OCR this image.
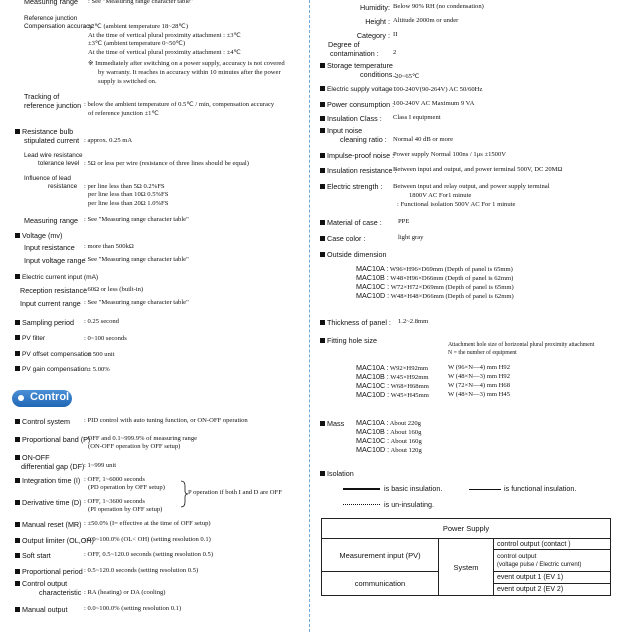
Measuring range : See "Measuring range character table"
Reference junction
Compensation accuracy
: ±2℃ (ambient temperature 18~28℃)
At the time of vertical plural proximity attachment : ±3℃
±3℃ (ambient temperature 0~50℃)
At the time of vertical plural proximity attachment : ±4℃
※ Immediately after switching on a power supply, accuracy is not covered
by warranty. It reaches in accuracy within 10 minutes after the power
supply is switched on.
Tracking of
reference junction : below the ambient temperature of 0.5℃ / min, compensation accuracy
of reference junction ±1℃
Resistance bulb
stipulated current : approx. 0.25 mA
Lead wire resistance
tolerance level : 5Ω or less per wire (resistance of three lines should be equal)
Influence of lead
resistance : per line less than 5Ω 0.2%FS
per line less than 10Ω 0.5%FS
per line less than 20Ω 1.0%FS
Measuring range : See "Measuring range character table"
Voltage (mv)
Input resistance : more than 500kΩ
Input voltage range
: See "Measuring range character table"
Electric current input (mA)
Reception resistance
: 60Ω or less (built-in)
Input current range : See "Measuring range character table"
Sampling period : 0.25 second
PV filter	: 0~100 seconds
PV offset compensation
: ± 500 unit
PV gain compensation
: ± 5.00%
Control
Control system : PID control with auto tuning function, or ON-OFF operation
Proportional band (P)
: OFF and 0.1~999.9% of measuring range
(ON-OFF operation by OFF setup)
ON-OFF
differential gap (DF) : 1~999 unit
Integration time (I) : OFF, 1~6000 seconds
(PD operation by OFF setup)
P operation if both I and D are OFF
Derivative time (D) : OFF, 1~3600 seconds
(PI operation by OFF setup)
Manual reset (MR) : ±50.0% (I= effective at the time of OFF setup)
Output limiter (OL,OH)
: 0.0~100.0% (OL< OH) (setting resolution 0.1)
Soft start	: OFF, 0.5~120.0 seconds (setting resolution 0.5)
Proportional period : 0.5~120.0 seconds (setting resolution 0.5)
Control output
characteristic : RA (heating) or DA (cooling)
Manual output : 0.0~100.0% (setting resolution 0.1)
Humidity: Below 90% RH (no condensation)
Height : Altitude 2000m or under
Category : II
Degree of
contamination : 2
Storage temperature
conditions :
-20~65℃
Electric supply voltage :
100-240V(90-264V) AC 50/60Hz
Power consumption :
100-240V AC Maximum 9 VA
Insulation Class : Class I equipment
Input noise
cleaning ratio : Normal 40 dB or more
Impulse-proof noise :
Power supply Normal 100ns / 1μs ±1500V
Insulation resistance :
Between input and output, and power terminal 500V, DC 20MΩ
Electric strength : Between input and relay output, and power supply terminal
1800V AC For1 minute
: Functional isolation 500V AC For 1 minute
Material of case : PPE
Case color :	light gray
Outside dimension
MAC10A : W96×H96×D69mm (Depth of panel is 65mm)
MAC10B : W48×H96×D66mm (Depth of panel is 62mm)
MAC10C : W72×H72×D69mm (Depth of panel is 65mm)
MAC10D : W48×H48×D66mm (Depth of panel is 62mm)
Thickness of panel : 1.2~2.8mm
Fitting hole size	Attachment hole size of horizontal plural proximity attachment
N = the number of equipment
MAC10A : W92×H92mm	W (96×N—4) mm H92
MAC10B : W45×H92mm	W (48×N—3) mm H92
MAC10C : W68×H68mm	W (72×N—4) mm H68
MAC10D : W45×H45mm	W (48×N—3) mm H45
Mass MAC10A : About 220g
MAC10B : About 160g
MAC10C : About 160g
MAC10D : About 120g
Isolation
is basic insulation.	is functional insulation.
is un-insulating.
Power Supply		
Measurement input (PV)	System	control output (contact )

		control output
(voltage pulse / Electric current)

communication		event output 1 (EV 1)
event output 2 (EV 2)
